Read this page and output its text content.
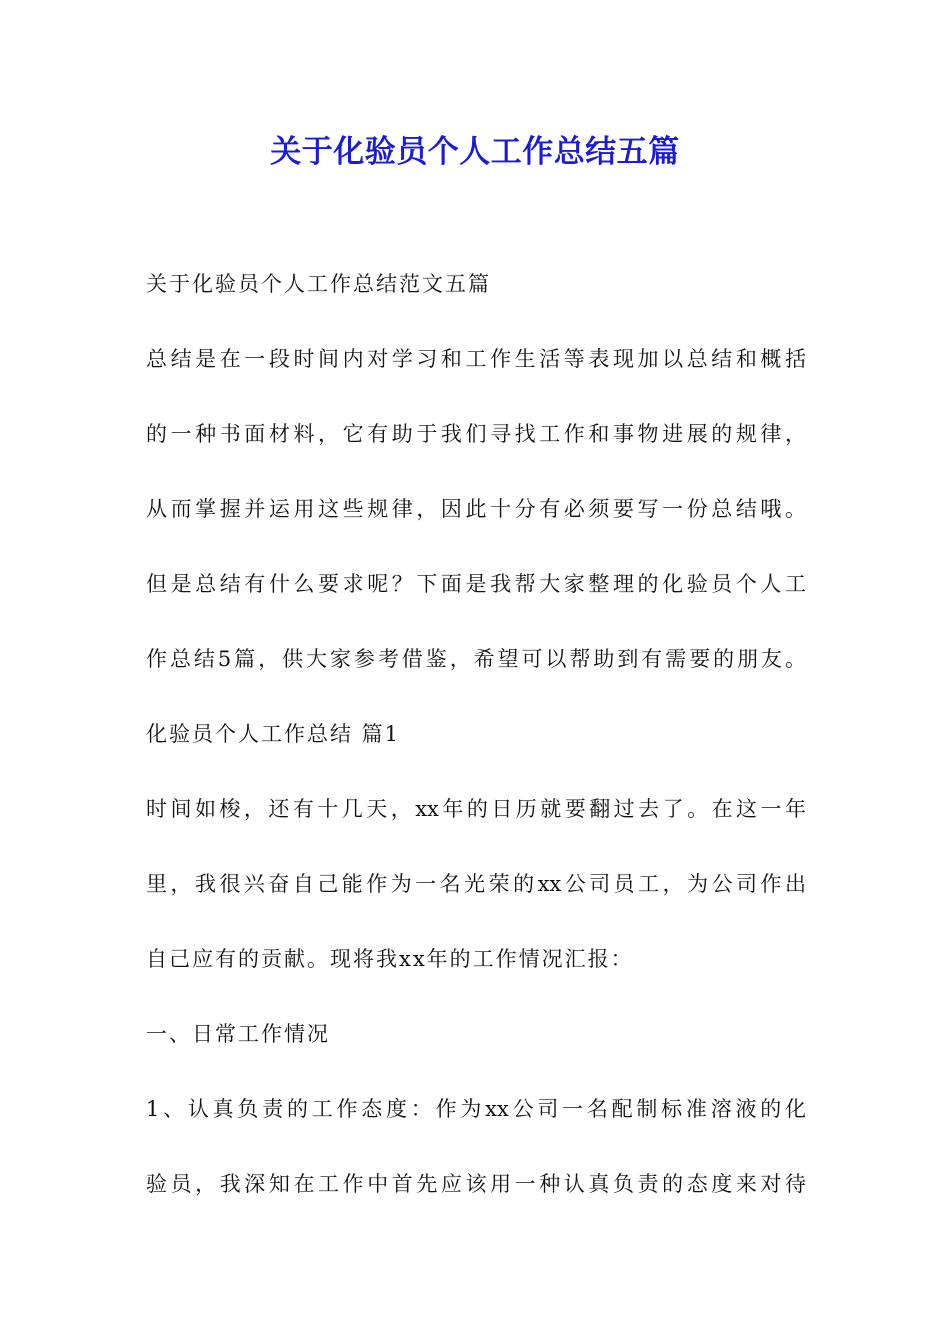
关于化验员个人工作总结五篇
关于化验员个人工作总结范文五篇
总结是在一段时间内对学习和工作生活等表现加以总结和概括
的一种书面材料，它有助于我们寻找工作和事物进展的规律，
从而掌握并运用这些规律，因此十分有必须要写一份总结哦。
但是总结有什么要求呢？下面是我帮大家整理的化验员个人工
作总结5篇，供大家参考借鉴，希望可以帮助到有需要的朋友。
化验员个人工作总结 篇1
时间如梭，还有十几天，xx年的日历就要翻过去了。在这一年
里，我很兴奋自己能作为一名光荣的xx公司员工，为公司作出
自己应有的贡献。现将我xx年的工作情况汇报：
一、日常工作情况
1、认真负责的工作态度：作为xx公司一名配制标准溶液的化
验员，我深知在工作中首先应该用一种认真负责的态度来对待
